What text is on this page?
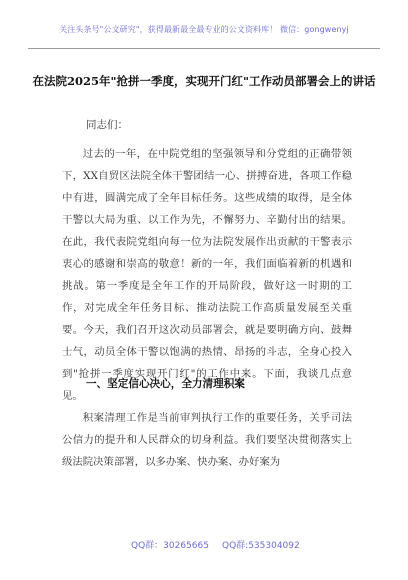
关注头条号"公文研究"，获得最新最全最专业的公文资料库！ 微信：gongwenyj
在法院2025年"抢拼一季度，实现开门红"工作动员部署会上的讲话
同志们：

过去的一年，在中院党组的坚强领导和分党组的正确带领下，XX自贸区法院全体干警团结一心、拼搏奋进，各项工作稳中有进，圆满完成了全年目标任务。这些成绩的取得，是全体干警以大局为重、以工作为先，不懈努力、辛勤付出的结果。在此，我代表院党组向每一位为法院发展作出贡献的干警表示衷心的感谢和崇高的敬意！新的一年，我们面临着新的机遇和挑战。第一季度是全年工作的开局阶段，做好这一时期的工作，对完成全年任务目标、推动法院工作高质量发展至关重要。今天，我们召开这次动员部署会，就是要明确方向、鼓舞士气，动员全体干警以饱满的热情、昂扬的斗志，全身心投入到"抢拼一季度实现开门红"的工作中来。下面，我谈几点意见。

一、坚定信心决心，全力清理积案

积案清理工作是当前审判执行工作的重要任务，关乎司法公信力的提升和人民群众的切身利益。我们要坚决贯彻落实上级法院决策部署，以多办案、快办案、办好案为

QQ群：30265665 QQ群:535304092
